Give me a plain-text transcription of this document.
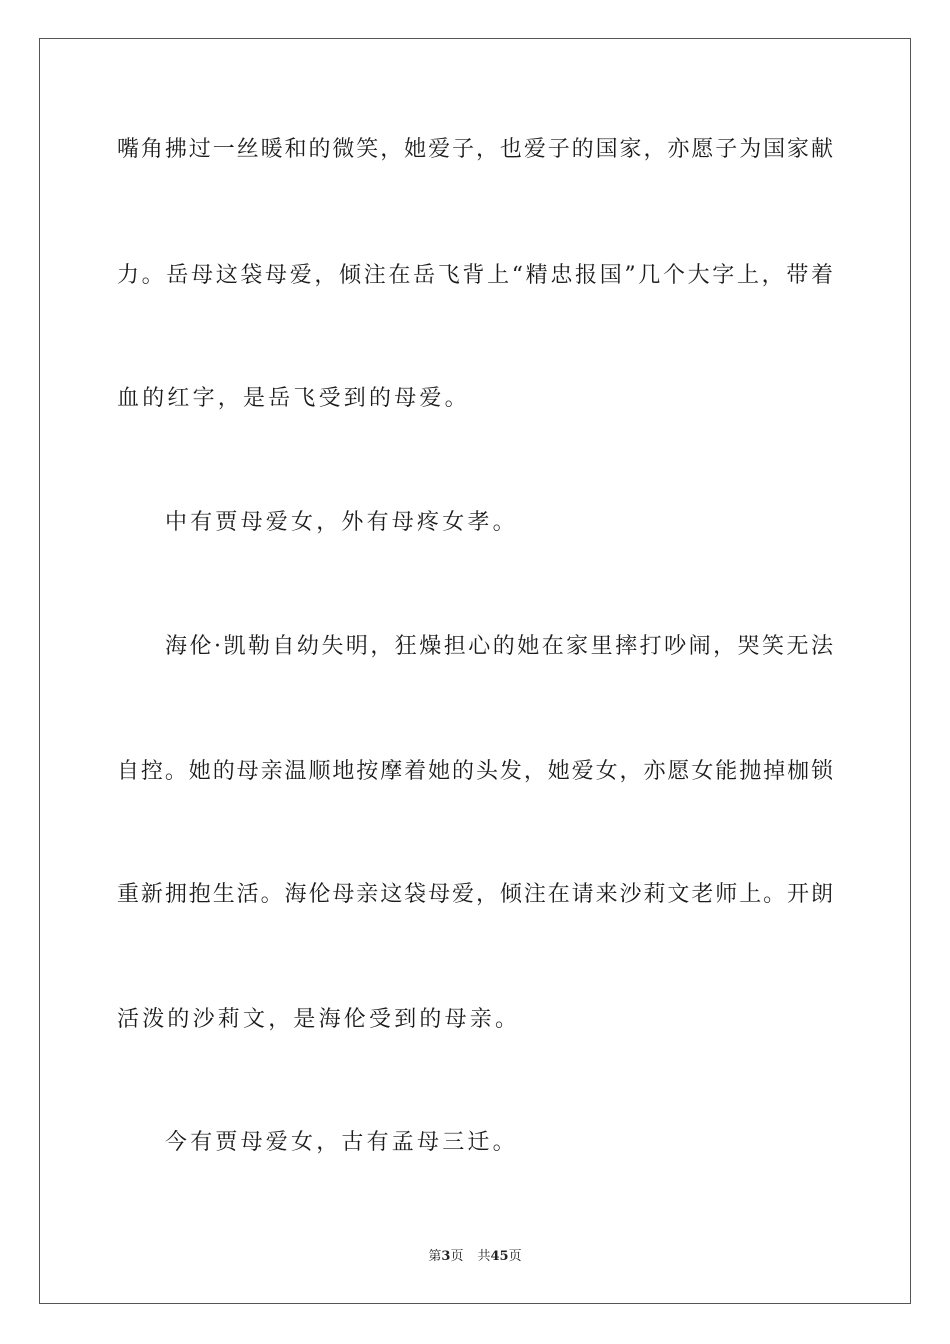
嘴角拂过一丝暖和的微笑，她爱子，也爱子的国家，亦愿子为国家献
力。岳母这袋母爱，倾注在岳飞背上“精忠报国”几个大字上，带着
血的红字，是岳飞受到的母爱。
中有贾母爱女，外有母疼女孝。
海伦·凯勒自幼失明，狂燥担心的她在家里摔打吵闹，哭笑无法
自控。她的母亲温顺地按摩着她的头发，她爱女，亦愿女能抛掉枷锁
重新拥抱生活。海伦母亲这袋母爱，倾注在请来沙莉文老师上。开朗
活泼的沙莉文，是海伦受到的母亲。
今有贾母爱女，古有孟母三迁。
第3页 共45页
